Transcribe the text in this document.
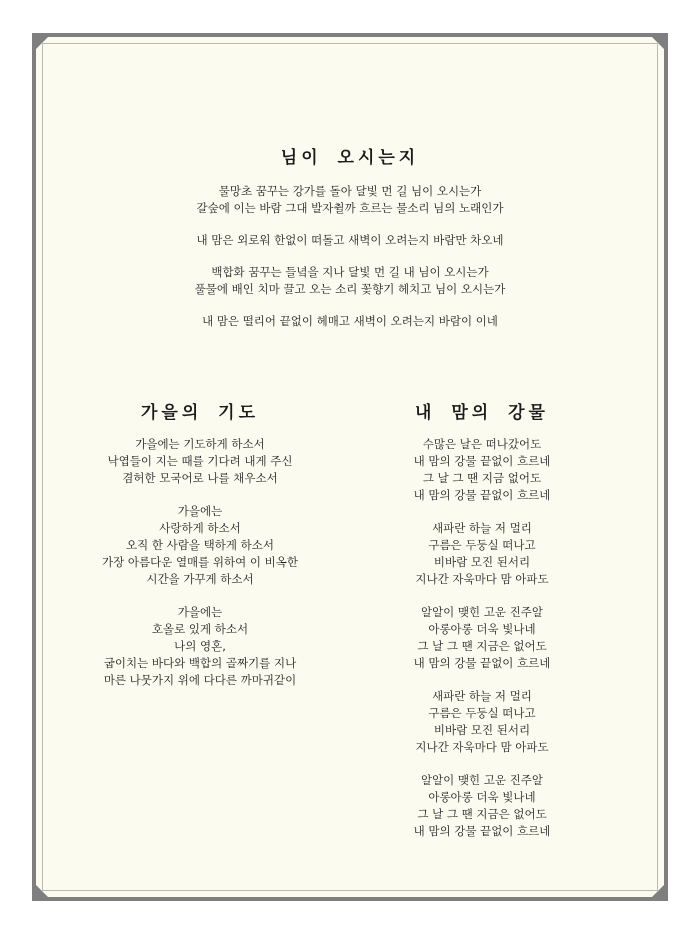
님이 오시는지
물망초 꿈꾸는 강가를 돌아 달빛 먼 길 님이 오시는가
갈숲에 이는 바람 그대 발자췰까 흐르는 물소리 님의 노래인가
내 맘은 외로워 한없이 떠돌고 새벽이 오려는지 바람만 차오네
백합화 꿈꾸는 들녘을 지나 달빛 먼 길 내 님이 오시는가
풀물에 배인 치마 끌고 오는 소리 꽃향기 헤치고 님이 오시는가
내 맘은 떨리어 끝없이 헤매고 새벽이 오려는지 바람이 이네
가을의 기도
가을에는 기도하게 하소서
낙엽들이 지는 때를 기다려 내게 주신
겸허한 모국어로 나를 채우소서
가을에는
사랑하게 하소서
오직 한 사람을 택하게 하소서
가장 아름다운 열매를 위하여 이 비옥한
시간을 가꾸게 하소서
가을에는
호올로 있게 하소서
나의 영혼,
굽이치는 바다와 백합의 골짜기를 지나
마른 나뭇가지 위에 다다른 까마귀같이
내 맘의 강물
수많은 날은 떠나갔어도
내 맘의 강물 끝없이 흐르네
그 날 그 땐 지금 없어도
내 맘의 강물 끝없이 흐르네
새파란 하늘 저 멀리
구름은 두둥실 떠나고
비바람 모진 된서리
지나간 자욱마다 맘 아파도
알알이 맺힌 고운 진주알
아롱아롱 더욱 빛나네
그 날 그 땐 지금은 없어도
내 맘의 강물 끝없이 흐르네
새파란 하늘 저 멀리
구름은 두둥실 떠나고
비바람 모진 된서리
지나간 자욱마다 맘 아파도
알알이 맺힌 고운 진주알
아롱아롱 더욱 빛나네
그 날 그 땐 지금은 없어도
내 맘의 강물 끝없이 흐르네
